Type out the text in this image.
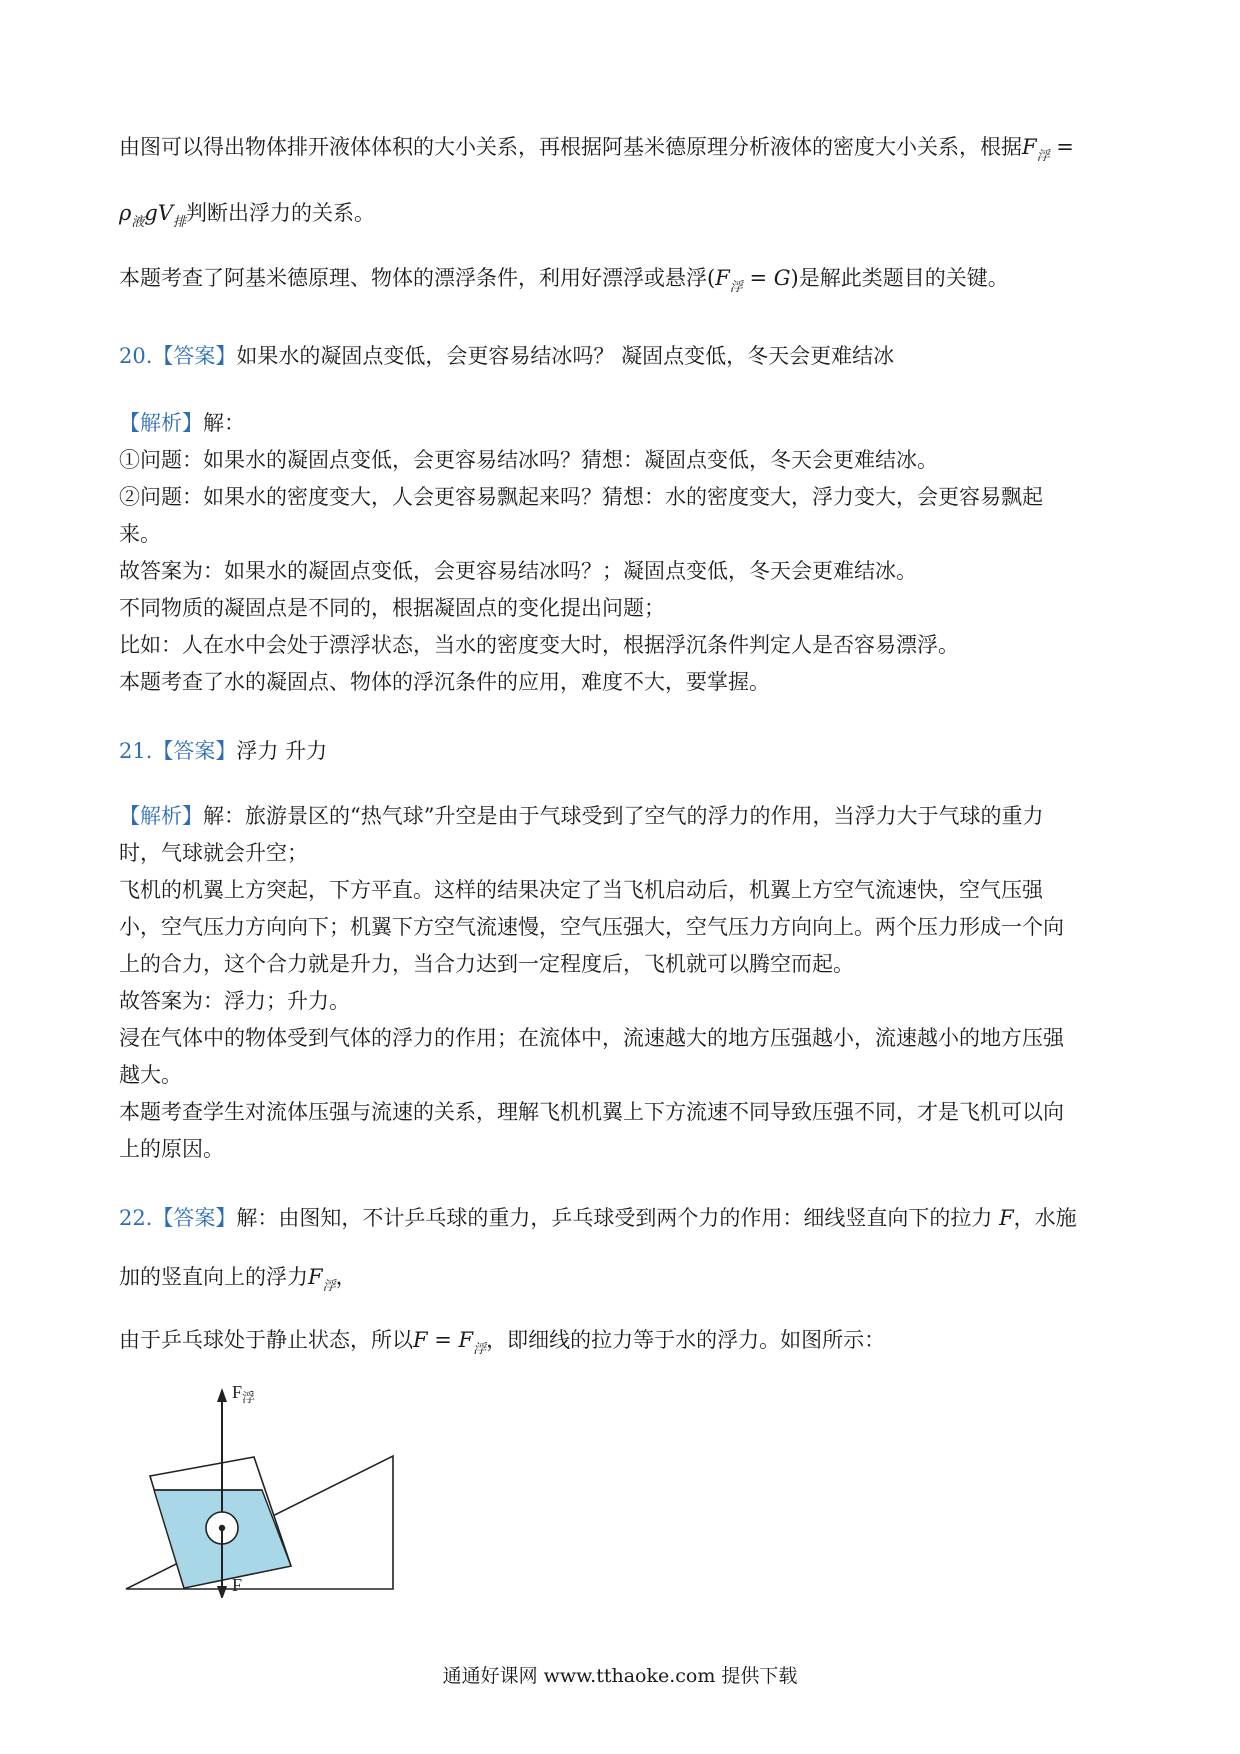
由图可以得出物体排开液体体积的大小关系，再根据阿基米德原理分析液体的密度大小关系，根据$F_浮$ =
$\rho_液gV_排$判断出浮力的关系。
本题考查了阿基米德原理、物体的漂浮条件，利用好漂浮或悬浮$(F_浮 = G)$是解此类题目的关键。
20.【答案】如果水的凝固点变低，会更容易结冰吗？ 凝固点变低，冬天会更难结冰
【解析】解：
①问题：如果水的凝固点变低，会更容易结冰吗？猜想：凝固点变低，冬天会更难结冰。
②问题：如果水的密度变大，人会更容易飘起来吗？猜想：水的密度变大，浮力变大，会更容易飘起
来。
故答案为：如果水的凝固点变低，会更容易结冰吗？；凝固点变低，冬天会更难结冰。
不同物质的凝固点是不同的，根据凝固点的变化提出问题；
比如：人在水中会处于漂浮状态，当水的密度变大时，根据浮沉条件判定人是否容易漂浮。
本题考查了水的凝固点、物体的浮沉条件的应用，难度不大，要掌握。
21.【答案】浮力 升力
【解析】解：旅游景区的“热气球”升空是由于气球受到了空气的浮力的作用，当浮力大于气球的重力
时，气球就会升空；
飞机的机翼上方突起，下方平直。这样的结果决定了当飞机启动后，机翼上方空气流速快，空气压强
小，空气压力方向向下；机翼下方空气流速慢，空气压强大，空气压力方向向上。两个压力形成一个向
上的合力，这个合力就是升力，当合力达到一定程度后，飞机就可以腾空而起。
故答案为：浮力；升力。
浸在气体中的物体受到气体的浮力的作用；在流体中，流速越大的地方压强越小，流速越小的地方压强
越大。
本题考查学生对流体压强与流速的关系，理解飞机机翼上下方流速不同导致压强不同，才是飞机可以向
上的原因。
22.【答案】解：由图知，不计乒乓球的重力，乒乓球受到两个力的作用：细线竖直向下的拉力 F，水施
加的竖直向上的浮力$F_浮$，
由于乒乓球处于静止状态，所以$F = F_浮$，即细线的拉力等于水的浮力。如图所示：
$F_浮$
F
通通好课网 www.tthaoke.com 提供下载
